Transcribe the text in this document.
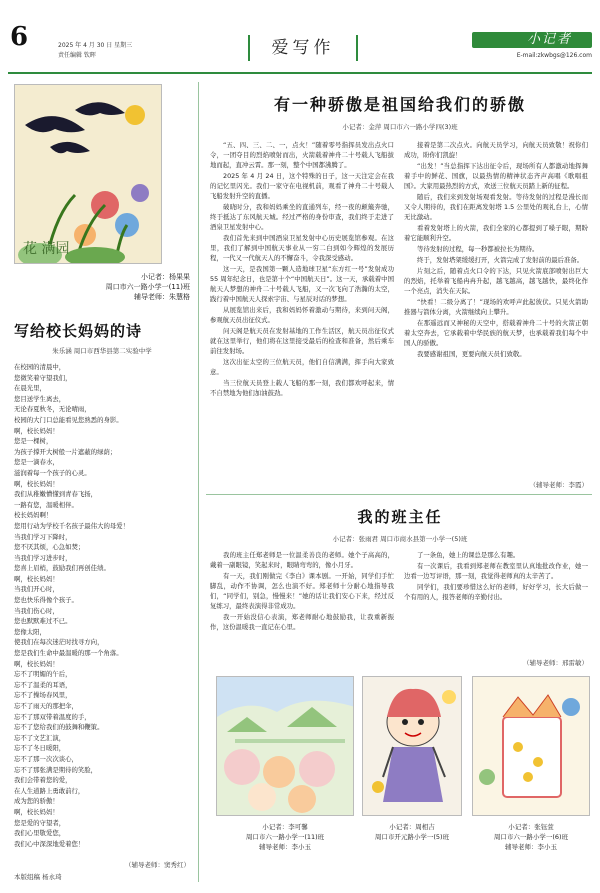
6	2025 年 4 月 30 日 星期三
责任编辑 钦晖	爱写作	小记者
E-mail:zkwbgs@126.com
花 满园
小记者：杨果果
周口市六一路小学一(11)班
辅导老师：朱慧格
写给校长妈妈的诗
朱乐涵 周口市西华县第二实验中学
在校园的清晨中，
您微笑着守望我们，
在晨光里，
您目送学生离去，
无论春夏秋冬，无论晴雨，
校园的大门口总能看见您熟悉的身影。
啊，校长妈妈！
您是一棵树，
为孩子撑开大树般一片遮蔽的绿荫；
您是一滴春水，
滋润着每一个孩子的心灵。
啊，校长妈妈！
我们从稚嫩懵懂到青春飞扬，
一路有您，温暖相伴。
校长妈妈啊！
您用行动为学校千名孩子最伟大的母爱！
当我们学习下降时，
您不厌其烦，心急如焚；
当我们学习进步时，
您喜上眉梢，鼓励我们再创佳绩。
啊，校长妈妈！
当我们开心时，
您也快乐得像个孩子。
当我们伤心时，
您也默默难过不已。
您像太阳，
使我们在每次迷茫时找寻方向，
您是我们生命中最温暖的那一个角落。
啊，校长妈妈！
忘不了明媚的午后，
忘不了温柔的耳语，
忘不了操场春风里，
忘不了雨天的那把伞，
忘不了那双带着温度的手，
忘不了您给我们的鼓舞和鞭策。
忘不了文艺汇演，
忘不了冬日暖阳，
忘不了那一次次谈心，
忘不了那张满是期待的笑脸，
我们会带着您的爱，
在人生道路上勇敢前行，
成为您的骄傲！
啊，校长妈妈！
您是爱的守望者，
我们心里敬爱您，
我们心中深深地爱着您！
（辅导老师：窦秀红）
本版组稿 杨永琦
有一种骄傲是祖国给我们的骄傲
小记者：金萍 周口市六一路小学四(3)班

“五、四、三、二、一，点火！”随着零号指挥员发出点火口令，一团夺目的烈焰喷射而出，火箭载着神舟二十号载人飞船拔地而起，直冲云霄。那一刻，整个中国都沸腾了。

2025 年 4 月 24 日，这个特殊的日子，这一天注定会在我的记忆里闪光。我们一家守在电视机前，观看了神舟二十号载人飞船发射升空的直播。

破晓时分，我和妈妈乘坐的直通列车，经一夜的颠簸奔驰，终于抵达了东风航天城。经过严格的身份审查，我们终于走进了酒泉卫星发射中心。

我们首先来到中国酒泉卫星发射中心历史展览馆参观。在这里，我们了解到中国航天事业从一穷二白到如今辉煌的发展历程，一代又一代航天人的不懈奋斗，令我深受感动。

这一天，是我国第一颗人造地球卫星“东方红一号”发射成功 55 周年纪念日，也是第十个“中国航天日”。这一天，承载着中国航天人梦想的神舟二十号载人飞船，又一次飞向了浩瀚的太空，践行着中国航天人探索宇宙、与星辰对话的梦想。

从展览馆出来后，我和妈妈怀着激动与期待，来到问天阁，参观航天员出征仪式。

问天阁是航天员在发射基地的工作生活区，航天员出征仪式就在这里举行，他们将在这里接受最后的检查和准备，然后乘车前往发射场。

这次出征太空的三位航天员，他们自信满满，挥手向大家致意。

当三位航天员登上载人飞船的那一刻，我们都欢呼起来，情不自禁地为他们加油鼓劲。

接着是第二次点火。向航天员学习，向航天员致敬！祝你们成功，盼你们凯旋！

“出发！”当总指挥下达出征令后，现场所有人都激动地挥舞着手中的鲜花、国旗，以最热情的精神状态齐声高唱《歌唱祖国》。大家用最热烈的方式，欢送三位航天员踏上新的征程。

随后，我们来到发射场观看发射。等待发射的过程是漫长而又令人期待的，我们在距离发射塔 1.5 公里处的观礼台上，心情无比激动。

看着发射塔上的火箭，我们全家的心都提到了嗓子眼，期盼着它能顺利升空。

等待发射的过程，每一秒都被拉长为期待。

终于，发射塔架缓缓打开，火箭完成了发射前的最后准备。

片刻之后，随着点火口令的下达，只见火箭底部喷射出巨大的烈焰，托举着飞船冉冉升起，越飞越高，越飞越快，最终化作一个亮点，消失在天际。

“快看！二级分离了！”现场的欢呼声此起彼伏。只见火箭助推器与箭体分离，火箭继续向上攀升。

在那遥远而又神秘的天空中，搭载着神舟二十号的火箭正朝着太空奔去，它承载着中华民族的航天梦，也承载着我们每个中国人的骄傲。

我要感谢祖国，更要向航天员们致敬。

（辅导老师：李霞）
我的班主任
小记者：张雨君 周口市商水县第一小学一(5)班

我的班主任郑老师是一位温柔善良的老师。她个子高高的，戴着一副眼镜，笑起来时，眼睛弯弯的，像小月牙。

有一天，我们刚做完《李白》课本剧。一开始，同学们手忙脚乱，动作不协调，怎么也演不好。郑老师十分耐心地指导我们，“同学们，别急，慢慢来！”她的话让我们安心下来，经过反复练习，最终表演得非常成功。

我一开始没信心表演，郑老师耐心地鼓励我，让我重新振作，这份温暖我一直记在心里。

了一条鱼，她上的课总是那么有趣。

有一次课后，我看到郑老师在教室里认真地批改作业，她一边看一边写评语，那一刻，我觉得老师真的太辛苦了。

同学们，我们要珍惜这么好的老师，好好学习，长大后做一个有用的人，报答老师的辛勤付出。

（辅导老师：邢雷敏）
小记者：李可馨
周口市六一路小学一(11)班
辅导老师：李小玉
小记者：周相吉
周口市开元路小学一(5)班
小记者：张钰萱
周口市六一路小学一(6)班
辅导老师：李小玉
